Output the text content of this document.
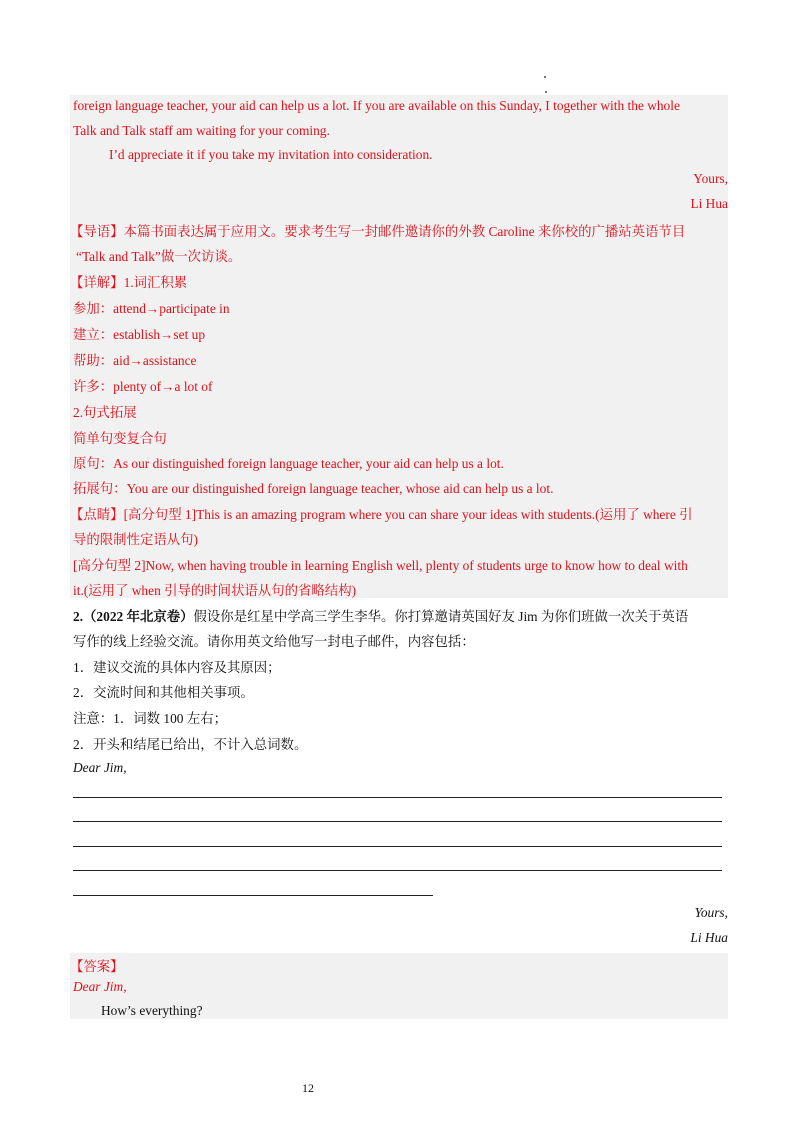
foreign language teacher, your aid can help us a lot. If you are available on this Sunday, I together with the whole
Talk and Talk staff am waiting for your coming.
I’d appreciate it if you take my invitation into consideration.
Yours,
Li Hua
【导语】本篇书面表达属于应用文。要求考生写一封邮件邀请你的外教 Caroline 来你校的广播站英语节目
“Talk and Talk”做一次访谈。
【详解】1.词汇积累
参加：attend→participate in
建立：establish→set up
帮助：aid→assistance
许多：plenty of→a lot of
2.句式拓展
简单句变复合句
原句：As our distinguished foreign language teacher, your aid can help us a lot.
拓展句：You are our distinguished foreign language teacher, whose aid can help us a lot.
【点睛】[高分句型 1]This is an amazing program where you can share your ideas with students.(运用了 where 引
导的限制性定语从句)
[高分句型 2]Now, when having trouble in learning English well, plenty of students urge to know how to deal with
it.(运用了 when 引导的时间状语从句的省略结构)
2.（2022 年北京卷）假设你是红星中学高三学生李华。你打算邀请英国好友 Jim 为你们班做一次关于英语
写作的线上经验交流。请你用英文给他写一封电子邮件，内容包括：
1．建议交流的具体内容及其原因；
2．交流时间和其他相关事项。
注意：1．词数 100 左右；
2．开头和结尾已给出，不计入总词数。
Dear Jim,
Yours,
Li Hua
【答案】
Dear Jim,
How’s everything?
12
